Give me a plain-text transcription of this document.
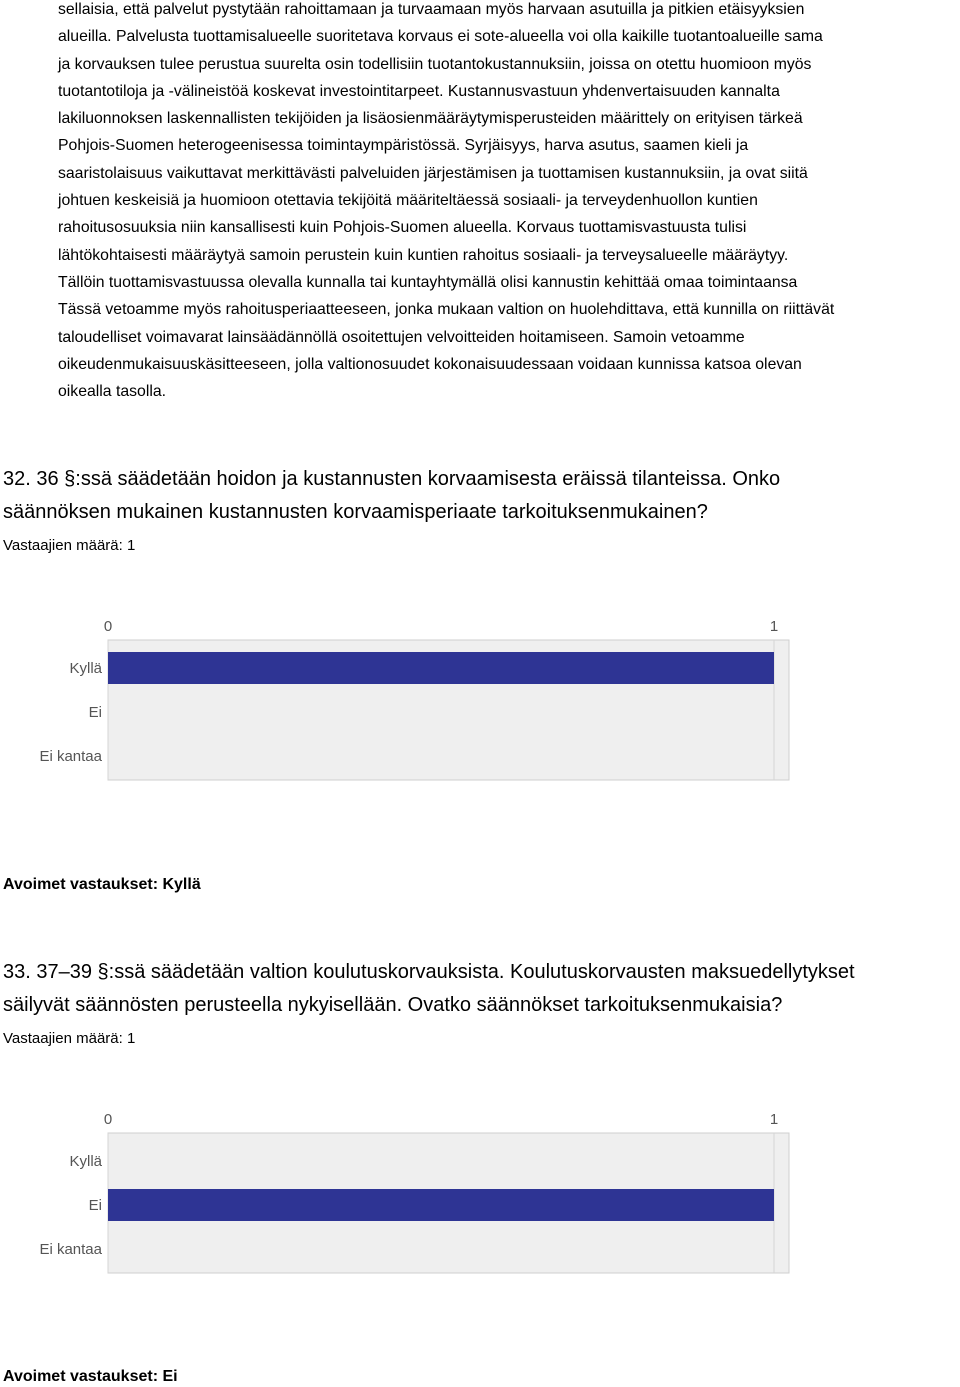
sellaisia, että palvelut pystytään rahoittamaan ja turvaamaan myös harvaan asutuilla ja pitkien etäisyyksien
alueilla. Palvelusta tuottamisalueelle suoritetava korvaus ei sote-alueella voi olla kaikille tuotantoalueille sama
ja korvauksen tulee perustua suurelta osin todellisiin tuotantokustannuksiin, joissa on otettu huomioon myös
tuotantotiloja ja -välineistöä koskevat investointitarpeet. Kustannusvastuun yhdenvertaisuuden kannalta
lakiluonnoksen laskennallisten tekijöiden ja lisäosienmääräytymisperusteiden määrittely on erityisen tärkeä
Pohjois-Suomen heterogeenisessa toimintaympäristössä. Syrjäisyys, harva asutus, saamen kieli ja
saaristolaisuus vaikuttavat merkittävästi palveluiden järjestämisen ja tuottamisen kustannuksiin, ja ovat siitä
johtuen keskeisiä ja huomioon otettavia tekijöitä määriteltäessä sosiaali- ja terveydenhuollon kuntien
rahoitusosuuksia niin kansallisesti kuin Pohjois-Suomen alueella. Korvaus tuottamisvastuusta tulisi
lähtökohtaisesti määräytyä samoin perustein kuin kuntien rahoitus sosiaali- ja terveysalueelle määräytyy.
Tällöin tuottamisvastuussa olevalla kunnalla tai kuntayhtymällä olisi kannustin kehittää omaa toimintaansa
Tässä vetoamme myös rahoitusperiaatteeseen, jonka mukaan valtion on huolehdittava, että kunnilla on riittävät
taloudelliset voimavarat lainsäädännöllä osoitettujen velvoitteiden hoitamiseen. Samoin vetoamme
oikeudenmukaisuuskäsitteeseen, jolla valtionosuudet kokonaisuudessaan voidaan kunnissa katsoa olevan
oikealla tasolla.
32. 36 §:ssä säädetään hoidon ja kustannusten korvaamisesta eräissä tilanteissa. Onko
säännöksen mukainen kustannusten korvaamisperiaate tarkoituksenmukainen?
Vastaajien määrä: 1
0	1
Kyllä
Ei
Ei kantaa
Avoimet vastaukset: Kyllä
33. 37–39 §:ssä säädetään valtion koulutuskorvauksista. Koulutuskorvausten maksuedellytykset
säilyvät säännösten perusteella nykyisellään. Ovatko säännökset tarkoituksenmukaisia?
Vastaajien määrä: 1
0	1
Kyllä
Ei
Ei kantaa
Avoimet vastaukset: Ei
